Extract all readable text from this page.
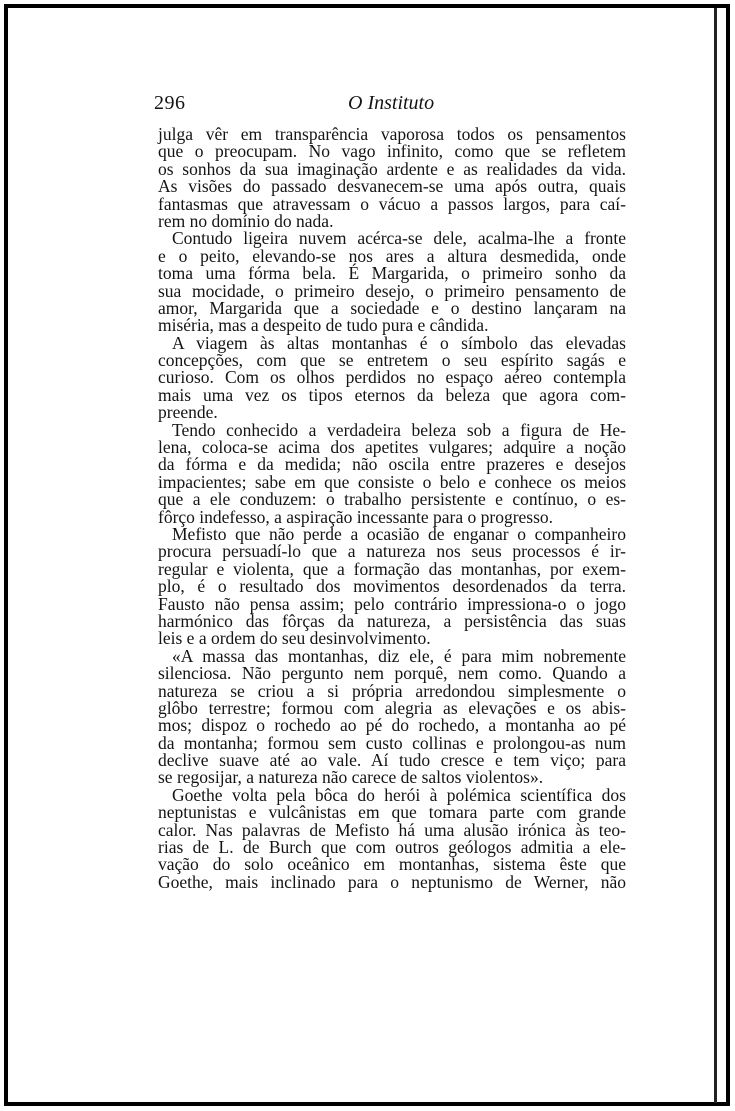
296	O Instituto
julga vêr em transparência vaporosa todos os pensamentos
que o preocupam. No vago infinito, como que se refletem
os sonhos da sua imaginação ardente e as realidades da vida.
As visões do passado desvanecem-se uma após outra, quais
fantasmas que atravessam o vácuo a passos largos, para caí-
rem no domínio do nada.
Contudo ligeira nuvem acérca-se dele, acalma-lhe a fronte
e o peito, elevando-se nos ares a altura desmedida, onde
toma uma fórma bela. É Margarida, o primeiro sonho da
sua mocidade, o primeiro desejo, o primeiro pensamento de
amor, Margarida que a sociedade e o destino lançaram na
miséria, mas a despeito de tudo pura e cândida.
A viagem às altas montanhas é o símbolo das elevadas
concepções, com que se entretem o seu espírito sagás e
curioso. Com os olhos perdidos no espaço aéreo contempla
mais uma vez os tipos eternos da beleza que agora com-
preende.
Tendo conhecido a verdadeira beleza sob a figura de He-
lena, coloca-se acima dos apetites vulgares; adquire a noção
da fórma e da medida; não oscila entre prazeres e desejos
impacientes; sabe em que consiste o belo e conhece os meios
que a ele conduzem: o trabalho persistente e contínuo, o es-
fôrço indefesso, a aspiração incessante para o progresso.
Mefisto que não perde a ocasião de enganar o companheiro
procura persuadí-lo que a natureza nos seus processos é ir-
regular e violenta, que a formação das montanhas, por exem-
plo, é o resultado dos movimentos desordenados da terra.
Fausto não pensa assim; pelo contrário impressiona-o o jogo
harmónico das fôrças da natureza, a persistência das suas
leis e a ordem do seu desinvolvimento.
«A massa das montanhas, diz ele, é para mim nobremente
silenciosa. Não pergunto nem porquê, nem como. Quando a
natureza se criou a si própria arredondou simplesmente o
glôbo terrestre; formou com alegria as elevações e os abis-
mos; dispoz o rochedo ao pé do rochedo, a montanha ao pé
da montanha; formou sem custo collinas e prolongou-as num
declive suave até ao vale. Aí tudo cresce e tem viço; para
se regosijar, a natureza não carece de saltos violentos».
Goethe volta pela bôca do herói à polémica scientífica dos
neptunistas e vulcânistas em que tomara parte com grande
calor. Nas palavras de Mefisto há uma alusão irónica às teo-
rias de L. de Burch que com outros geólogos admitia a ele-
vação do solo oceânico em montanhas, sistema êste que
Goethe, mais inclinado para o neptunismo de Werner, não
